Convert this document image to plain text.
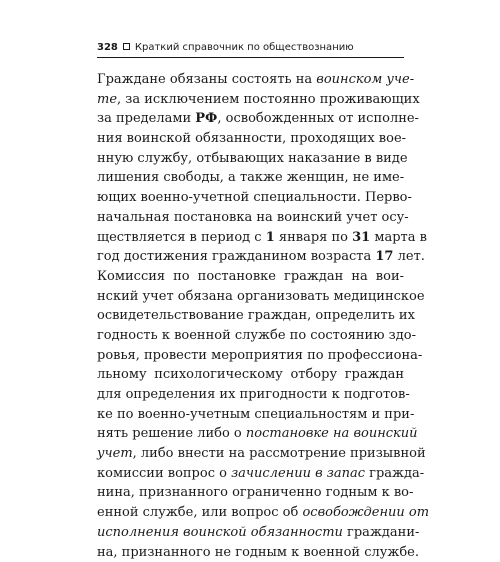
328 Краткий справочник по обществознанию
Граждане обязаны состоять на воинском уче-
те, за исключением постоянно проживающих
за пределами РФ, освобожденных от исполне-
ния воинской обязанности, проходящих вое-
нную службу, отбывающих наказание в виде
лишения свободы, а также женщин, не име-
ющих военно-учетной специальности. Перво-
начальная постановка на воинский учет осу-
ществляется в период с 1 января по 31 марта в
год достижения гражданином возраста 17 лет.
Комиссия по постановке граждан на вои-
нский учет обязана организовать медицинское
освидетельствование граждан, определить их
годность к военной службе по состоянию здо-
ровья, провести мероприятия по профессиона-
льному психологическому отбору граждан
для определения их пригодности к подготов-
ке по военно-учетным специальностям и при-
нять решение либо о постановке на воинский
учет, либо внести на рассмотрение призывной
комиссии вопрос о зачислении в запас гражда-
нина, признанного ограниченно годным к во-
енной службе, или вопрос об освобождении от
исполнения воинской обязанности граждани-
на, признанного не годным к военной службе.
